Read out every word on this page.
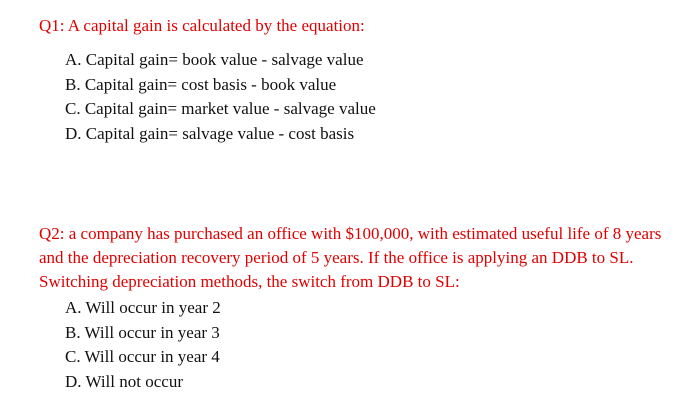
Q1: A capital gain is calculated by the equation:

A. Capital gain= book value - salvage value
B. Capital gain= cost basis - book value
C. Capital gain= market value - salvage value
D. Capital gain= salvage value - cost basis

Q2: a company has purchased an office with $100,000, with estimated useful life of 8 years and the depreciation recovery period of 5 years. If the office is applying an DDB to SL. Switching depreciation methods, the switch from DDB to SL:

A. Will occur in year 2
B. Will occur in year 3
C. Will occur in year 4
D. Will not occur
